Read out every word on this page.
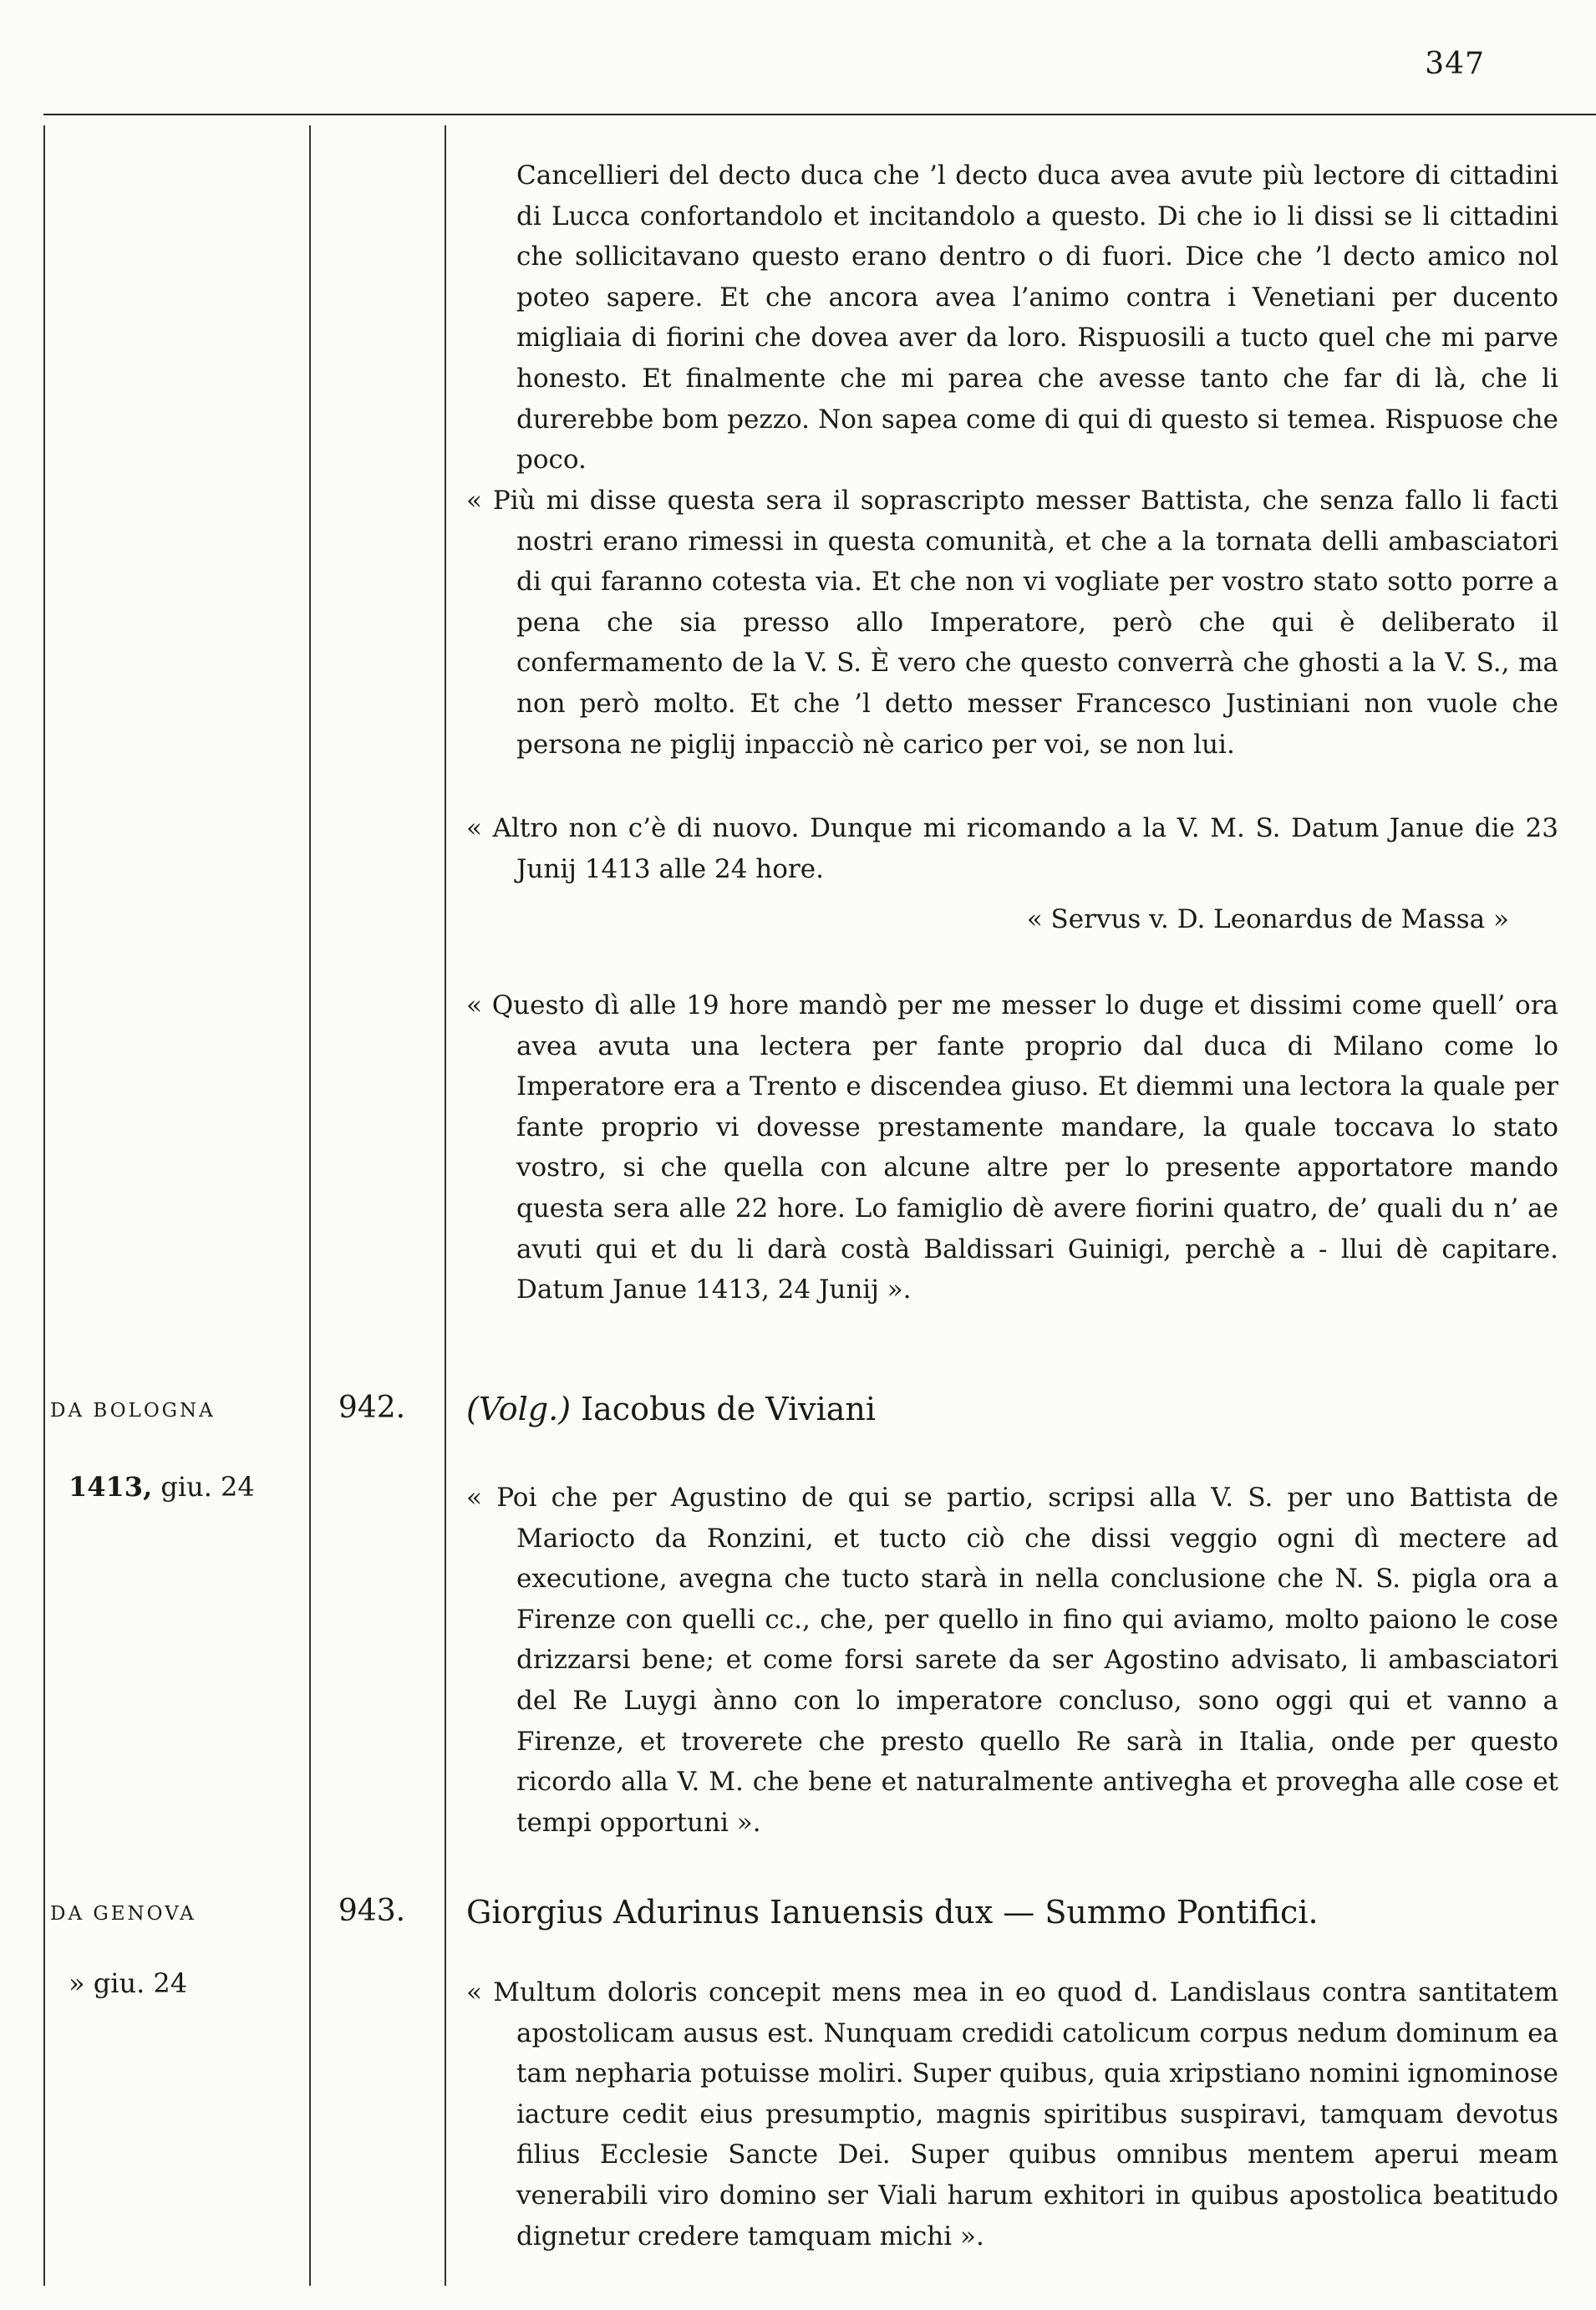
347

Cancellieri del decto duca che ’l decto duca avea avute più lectore di cittadini di Lucca confortandolo et incitandolo a questo. Di che io li dissi se li cittadini che sollicitavano questo erano dentro o di fuori. Dice che ’l decto amico nol poteo sapere. Et che ancora avea l’animo contra i Venetiani per ducento migliaia di fiorini che dovea aver da loro. Rispuosili a tucto quel che mi parve honesto. Et finalmente che mi parea che avesse tanto che far di là, che li durerebbe bom pezzo. Non sapea come di qui di questo si temea. Rispuose che poco.

« Più mi disse questa sera il soprascripto messer Battista, che senza fallo li facti nostri erano rimessi in questa comunità, et che a la tornata delli ambasciatori di qui faranno cotesta via. Et che non vi vogliate per vostro stato sotto porre a pena che sia presso allo Imperatore, però che qui è deliberato il confermamento de la V. S. È vero che questo converrà che ghosti a la V. S., ma non però molto. Et che ’l detto messer Francesco Justiniani non vuole che persona ne piglij inpacciò nè carico per voi, se non lui.

« Altro non c’è di nuovo. Dunque mi ricomando a la V. M. S. Datum Janue die 23 Junij 1413 alle 24 hore.

« Servus v. D. Leonardus de Massa »

« Questo dì alle 19 hore mandò per me messer lo duge et dissimi come quell’ ora avea avuta una lectera per fante proprio dal duca di Milano come lo Imperatore era a Trento e discendea giuso. Et diemmi una lectora la quale per fante proprio vi dovesse prestamente mandare, la quale toccava lo stato vostro, si che quella con alcune altre per lo presente apportatore mando questa sera alle 22 hore. Lo famiglio dè avere fiorini quatro, de’ quali du n’ ae avuti qui et du li darà costà Baldissari Guinigi, perchè a - llui dè capitare. Datum Janue 1413, 24 Junij ».

DA BOLOGNA
1413, giu. 24
942.	(Volg.) Iacobus de Viviani

« Poi che per Agustino de qui se partio, scripsi alla V. S. per uno Battista de Mariocto da Ronzini, et tucto ciò che dissi veggio ogni dì mectere ad executione, avegna che tucto starà in nella conclusione che N. S. pigla ora a Firenze con quelli cc., che, per quello in fino qui aviamo, molto paiono le cose drizzarsi bene; et come forsi sarete da ser Agostino advisato, li ambasciatori del Re Luygi ànno con lo imperatore concluso, sono oggi qui et vanno a Firenze, et troverete che presto quello Re sarà in Italia, onde per questo ricordo alla V. M. che bene et naturalmente antivegha et provegha alle cose et tempi opportuni ».

DA GENOVA
» giu. 24
943.	Giorgius Adurinus Ianuensis dux — Summo Pontifici.

« Multum doloris concepit mens mea in eo quod d. Landislaus contra santitatem apostolicam ausus est. Nunquam credidi catolicum corpus nedum dominum ea tam nepharia potuisse moliri. Super quibus, quia xripstiano nomini ignominose iacture cedit eius presumptio, magnis spiritibus suspiravi, tamquam devotus filius Ecclesie Sancte Dei. Super quibus omnibus mentem aperui meam venerabili viro domino ser Viali harum exhitori in quibus apostolica beatitudo dignetur credere tamquam michi ».
